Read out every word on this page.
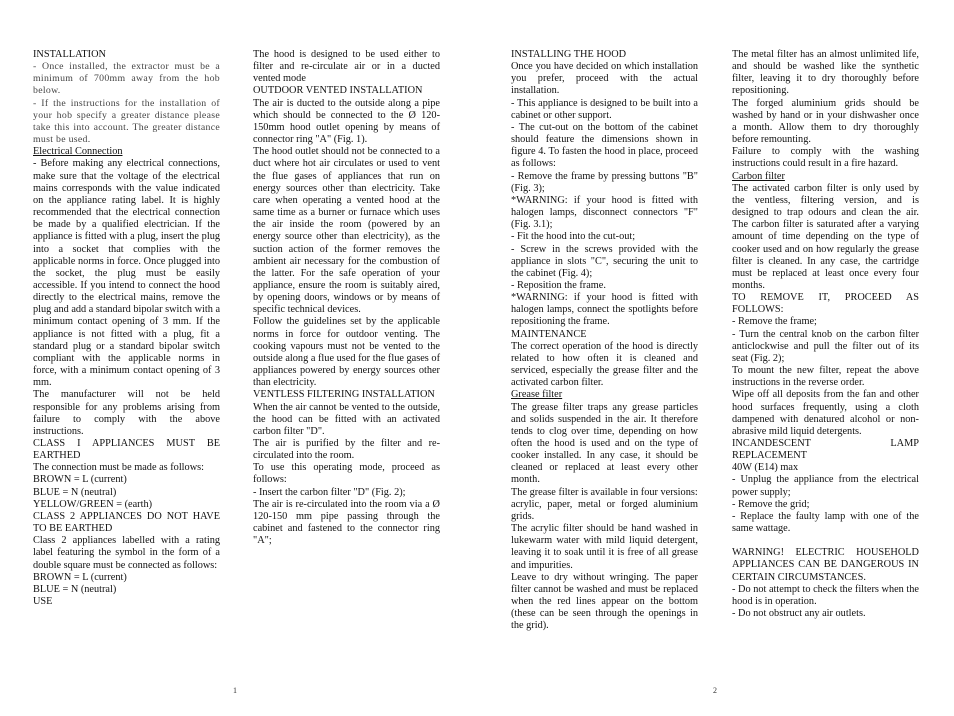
INSTALLATION

- Once installed, the extractor must be a minimum of 700mm away from the hob below.

- If the instructions for the installation of your hob specify a greater distance please take this into account. The greater distance must be used.

Electrical Connection

- Before making any electrical connections, make sure that the voltage of the electrical mains corresponds with the value indicated on the appliance rating label. It is highly recommended that the electrical connection be made by a qualified electrician. If the appliance is fitted with a plug, insert the plug into a socket that complies with the applicable norms in force. Once plugged into the socket, the plug must be easily accessible. If you intend to connect the hood directly to the electrical mains, remove the plug and add a standard bipolar switch with a minimum contact opening of 3 mm. If the appliance is not fitted with a plug, fit a standard plug or a standard bipolar switch compliant with the applicable norms in force, with a minimum contact opening of 3 mm.

The manufacturer will not be held responsible for any problems arising from failure to comply with the above instructions.

CLASS I APPLIANCES MUST BE EARTHED

The connection must be made as follows:

BROWN = L (current)

BLUE = N (neutral)

YELLOW/GREEN = (earth)

CLASS 2 APPLIANCES DO NOT HAVE TO BE EARTHED

Class 2 appliances labelled with a rating label featuring the symbol in the form of a double square must be connected as follows:

BROWN = L (current)

BLUE = N (neutral)

USE

The hood is designed to be used either to filter and re-circulate air or in a ducted vented mode

OUTDOOR VENTED INSTALLATION

The air is ducted to the outside along a pipe which should be connected to the Ø 120-150mm hood outlet opening by means of connector ring "A" (Fig. 1).

The hood outlet should not be connected to a duct where hot air circulates or used to vent the flue gases of appliances that run on energy sources other than electricity. Take care when operating a vented hood at the same time as a burner or furnace which uses the air inside the room (powered by an energy source other than electricity), as the suction action of the former removes the ambient air necessary for the combustion of the latter. For the safe operation of your appliance, ensure the room is suitably aired, by opening doors, windows or by means of specific technical devices.

Follow the guidelines set by the applicable norms in force for outdoor venting. The cooking vapours must not be vented to the outside along a flue used for the flue gases of appliances powered by energy sources other than electricity.

VENTLESS FILTERING INSTALLATION

When the air cannot be vented to the outside, the hood can be fitted with an activated carbon filter "D".

The air is purified by the filter and re-circulated into the room.

To use this operating mode, proceed as follows:

- Insert the carbon filter "D" (Fig. 2);

The air is re-circulated into the room via a Ø 120-150 mm pipe passing through the cabinet and fastened to the connector ring "A";

INSTALLING THE HOOD

Once you have decided on which installation you prefer, proceed with the actual installation.

- This appliance is designed to be built into a cabinet or other support.

- The cut-out on the bottom of the cabinet should feature the dimensions shown in figure 4. To fasten the hood in place, proceed as follows:

- Remove the frame by pressing buttons "B" (Fig. 3);

*WARNING: if your hood is fitted with halogen lamps, disconnect connectors "F" (Fig. 3.1);

- Fit the hood into the cut-out;

- Screw in the screws provided with the appliance in slots "C", securing the unit to the cabinet (Fig. 4);

- Reposition the frame.

*WARNING: if your hood is fitted with halogen lamps, connect the spotlights before repositioning the frame.

MAINTENANCE

The correct operation of the hood is directly related to how often it is cleaned and serviced, especially the grease filter and the activated carbon filter.

Grease filter

The grease filter traps any grease particles and solids suspended in the air. It therefore tends to clog over time, depending on how often the hood is used and on the type of cooker installed. In any case, it should be cleaned or replaced at least every other month.

The grease filter is available in four versions:

acrylic, paper, metal or forged aluminium grids.

The acrylic filter should be hand washed in lukewarm water with mild liquid detergent, leaving it to soak until it is free of all grease and impurities.

Leave to dry without wringing. The paper filter cannot be washed and must be replaced when the red lines appear on the bottom (these can be seen through the openings in the grid).

The metal filter has an almost unlimited life, and should be washed like the synthetic filter, leaving it to dry thoroughly before repositioning.

The forged aluminium grids should be washed by hand or in your dishwasher once a month. Allow them to dry thoroughly before remounting.

Failure to comply with the washing instructions could result in a fire hazard.

Carbon filter

The activated carbon filter is only used by the ventless, filtering version, and is designed to trap odours and clean the air. The carbon filter is saturated after a varying amount of time depending on the type of cooker used and on how regularly the grease filter is cleaned. In any case, the cartridge must be replaced at least once every four months.

TO REMOVE IT, PROCEED AS FOLLOWS:

- Remove the frame;

- Turn the central knob on the carbon filter anticlockwise and pull the filter out of its seat (Fig. 2);

To mount the new filter, repeat the above instructions in the reverse order.

Wipe off all deposits from the fan and other hood surfaces frequently, using a cloth dampened with denatured alcohol or non-abrasive mild liquid detergents.

INCANDESCENT LAMP REPLACEMENT

40W (E14) max

- Unplug the appliance from the electrical power supply;

- Remove the grid;

- Replace the faulty lamp with one of the same wattage.

WARNING! ELECTRIC HOUSEHOLD APPLIANCES CAN BE DANGEROUS IN CERTAIN CIRCUMSTANCES.

- Do not attempt to check the filters when the hood is in operation.

- Do not obstruct any air outlets.

1	2
